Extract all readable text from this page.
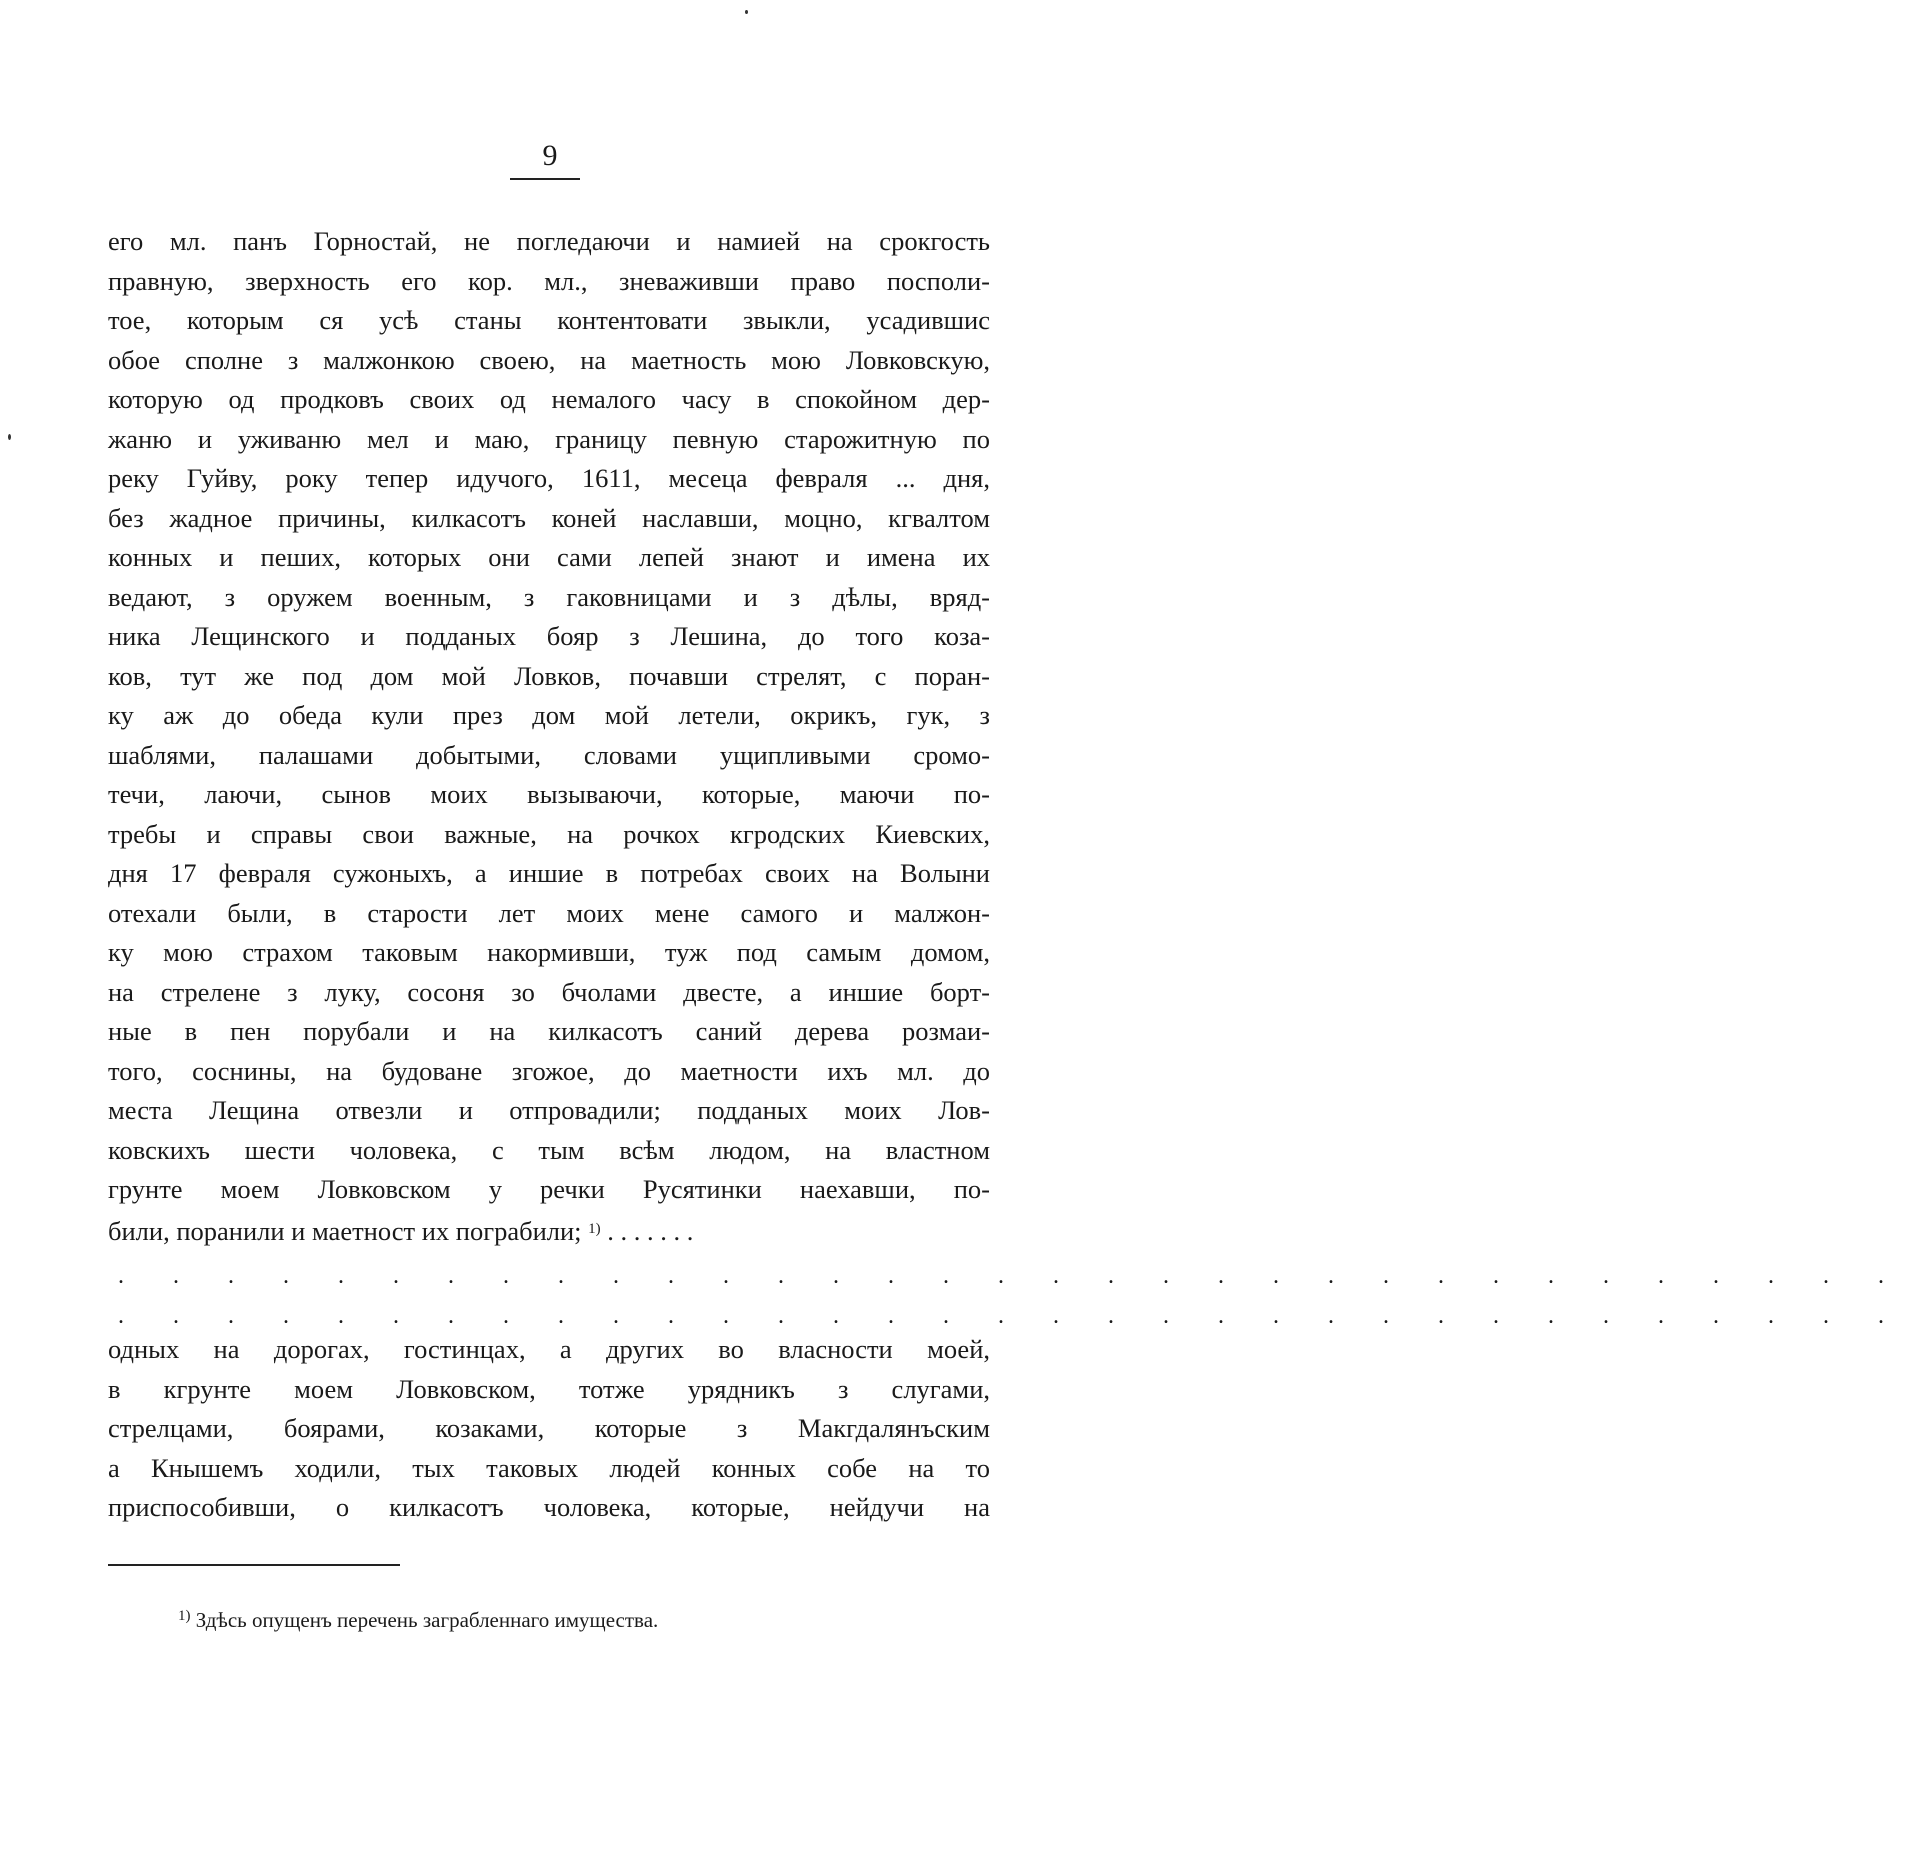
9
его мл. панъ Горностай, не погледаючи и намией на срокгость
правную, зверхность его кор. мл., зневаживши право посполи-
тое, которым ся усѣ станы контентовати звыкли, усадившис
обое сполне з малжонкою своею, на маетность мою Ловковскую,
которую од продковъ своих од немалого часу в спокойном дер-
жаню и уживаню мел и маю, границу певную старожитную по
реку Гуйву, року тепер идучого, 1611, месеца февраля ... дня,
без жадное причины, килкасотъ коней наславши, моцно, кгвалтом
конных и пеших, которых они сами лепей знают и имена их
ведают, з оружем военным, з гаковницами и з дѣлы, вряд-
ника Лещинского и подданых бояр з Лешина, до того коза-
ков, тут же под дом мой Ловков, почавши стрелят, с поран-
ку аж до обеда кули през дом мой летели, окрикъ, гук, з
шаблями, палашами добытыми, словами ущипливыми сромо-
течи, лаючи, сынов моих вызываючи, которые, маючи по-
требы и справы свои важные, на рочкох кгродских Киевских,
дня 17 февраля сужоныхъ, а иншие в потребах своих на Волыни
отехали были, в старости лет моих мене самого и малжон-
ку мою страхом таковым накормивши, туж под самым домом,
на стрелене з луку, сосоня зо бчолами двесте, а иншие борт-
ные в пен порубали и на килкасотъ саний дерева розмаи-
того, соснины, на будоване згожое, до маетности ихъ мл. до
места Лещина отвезли и отпровадили; подданых моих Лов-
ковскихъ шести чоловека, с тым всѣм людом, на властном
грунте моем Ловковском у речки Русятинки наехавши, по-
били, поранили и маетност их пограбили; $^{1)}$ . . . . . . .
. . . . . . . . . . . . . . . . . . . . . . . . . . . . . . . . .
. . . . . . . . . . . . . . . . . . . . . . . . . . . . . . . . .
одных на дорогах, гостинцах, а других во власности моей,
в кгрунте моем Ловковском, тотже урядникъ з слугами,
стрелцами, боярами, козаками, которые з Макгдалянъским
а Кнышемъ ходили, тых таковых людей конных собе на то
приспособивши, о килкасотъ чоловека, которые, нейдучи на
$^{1)}$ Здѣсь опущенъ перечень заграбленнаго имущества.
